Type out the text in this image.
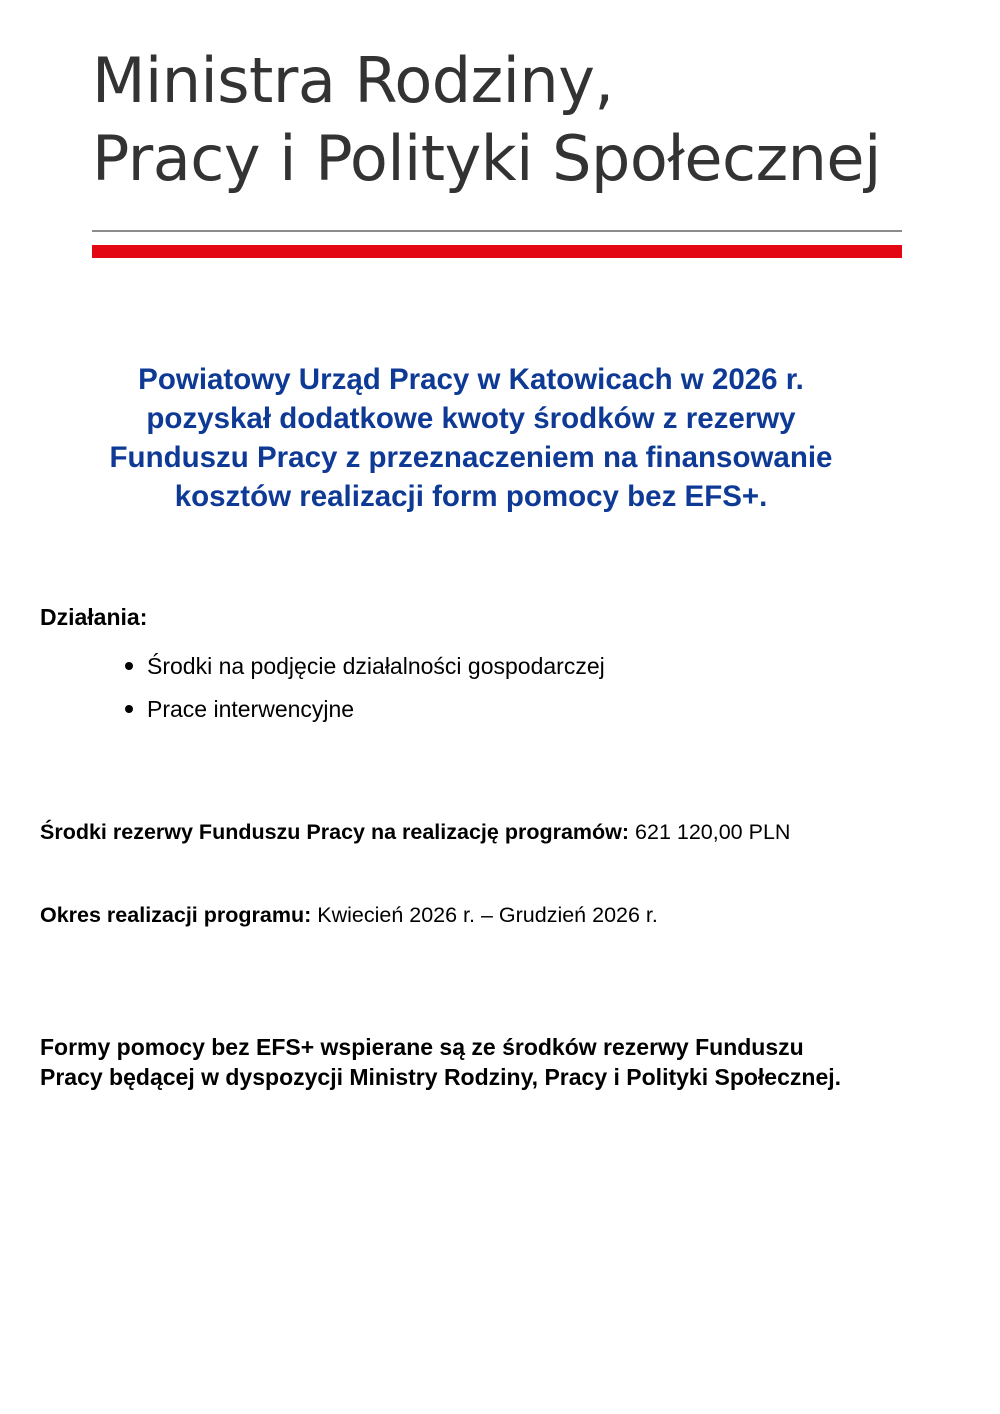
Ministra Rodziny,
Pracy i Polityki Społecznej
Powiatowy Urząd Pracy w Katowicach w 2026 r.
pozyskał dodatkowe kwoty środków z rezerwy
Funduszu Pracy z przeznaczeniem na finansowanie
kosztów realizacji form pomocy bez EFS+.
Działania:
Środki na podjęcie działalności gospodarczej
Prace interwencyjne

Środki rezerwy Funduszu Pracy na realizację programów: 621 120,00 PLN

Okres realizacji programu: Kwiecień 2026 r. – Grudzień 2026 r.

Formy pomocy bez EFS+ wspierane są ze środków rezerwy Funduszu
Pracy będącej w dyspozycji Ministry Rodziny, Pracy i Polityki Społecznej.
